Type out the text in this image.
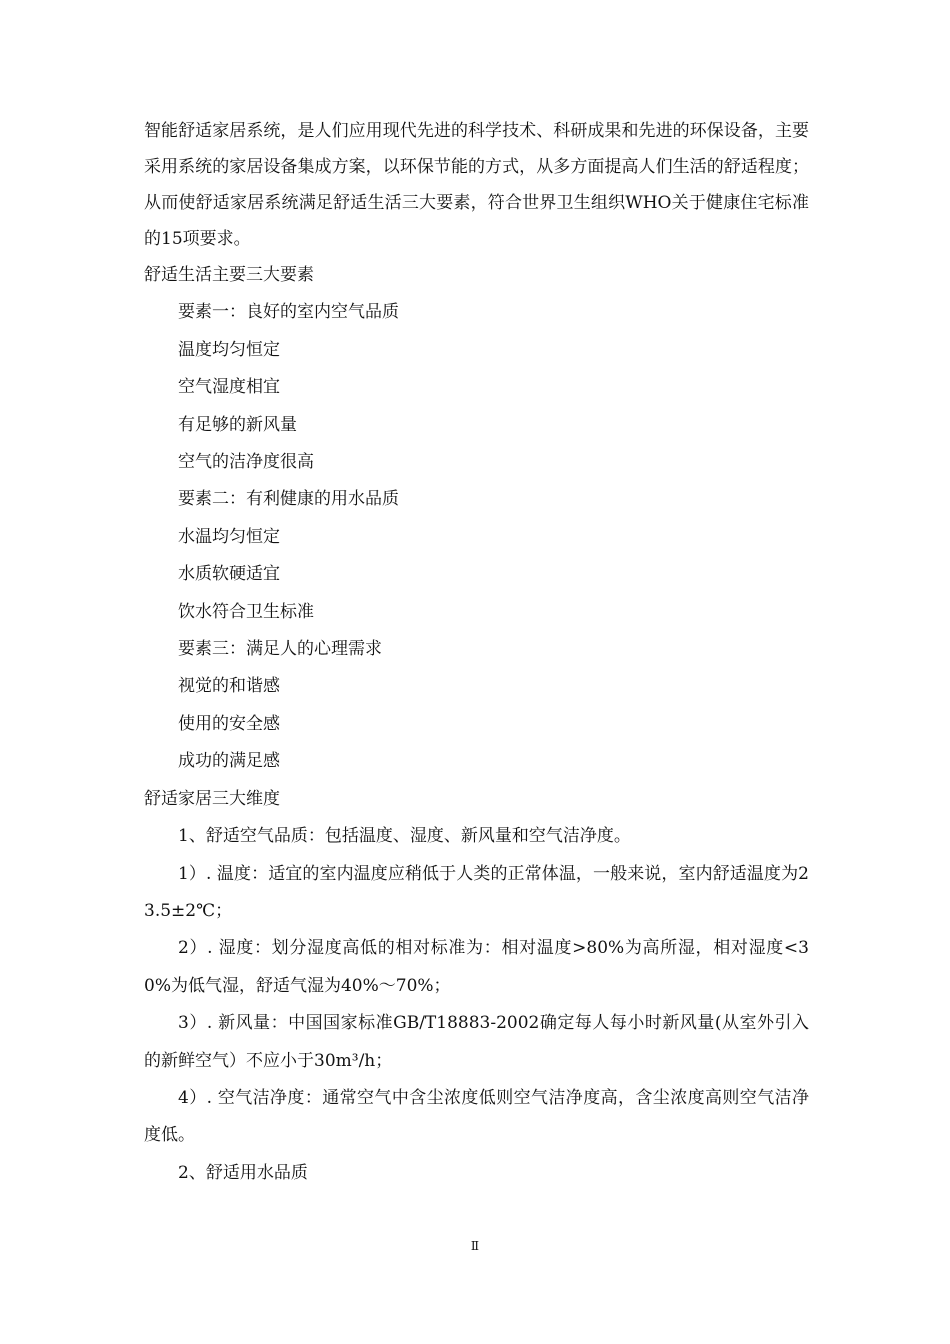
智能舒适家居系统，是人们应用现代先进的科学技术、科研成果和先进的环保设备，主要采用系统的家居设备集成方案，以环保节能的方式，从多方面提高人们生活的舒适程度；从而使舒适家居系统满足舒适生活三大要素，符合世界卫生组织WHO关于健康住宅标准的15项要求。

舒适生活主要三大要素

要素一：良好的室内空气品质

温度均匀恒定

空气湿度相宜

有足够的新风量

空气的洁净度很高

要素二：有利健康的用水品质

水温均匀恒定

水质软硬适宜

饮水符合卫生标准

要素三：满足人的心理需求

视觉的和谐感

使用的安全感

成功的满足感

舒适家居三大维度

1、舒适空气品质：包括温度、湿度、新风量和空气洁净度。

1）. 温度：适宜的室内温度应稍低于人类的正常体温，一般来说，室内舒适温度为23.5±2℃；

2）. 湿度：划分湿度高低的相对标准为：相对温度>80%为高所湿，相对湿度<30%为低气湿，舒适气湿为40%～70%；

3）. 新风量：中国国家标准GB/T18883-2002确定每人每小时新风量(从室外引入的新鲜空气）不应小于30m³/h；

4）. 空气洁净度：通常空气中含尘浓度低则空气洁净度高，含尘浓度高则空气洁净度低。

2、舒适用水品质

Ⅱ
